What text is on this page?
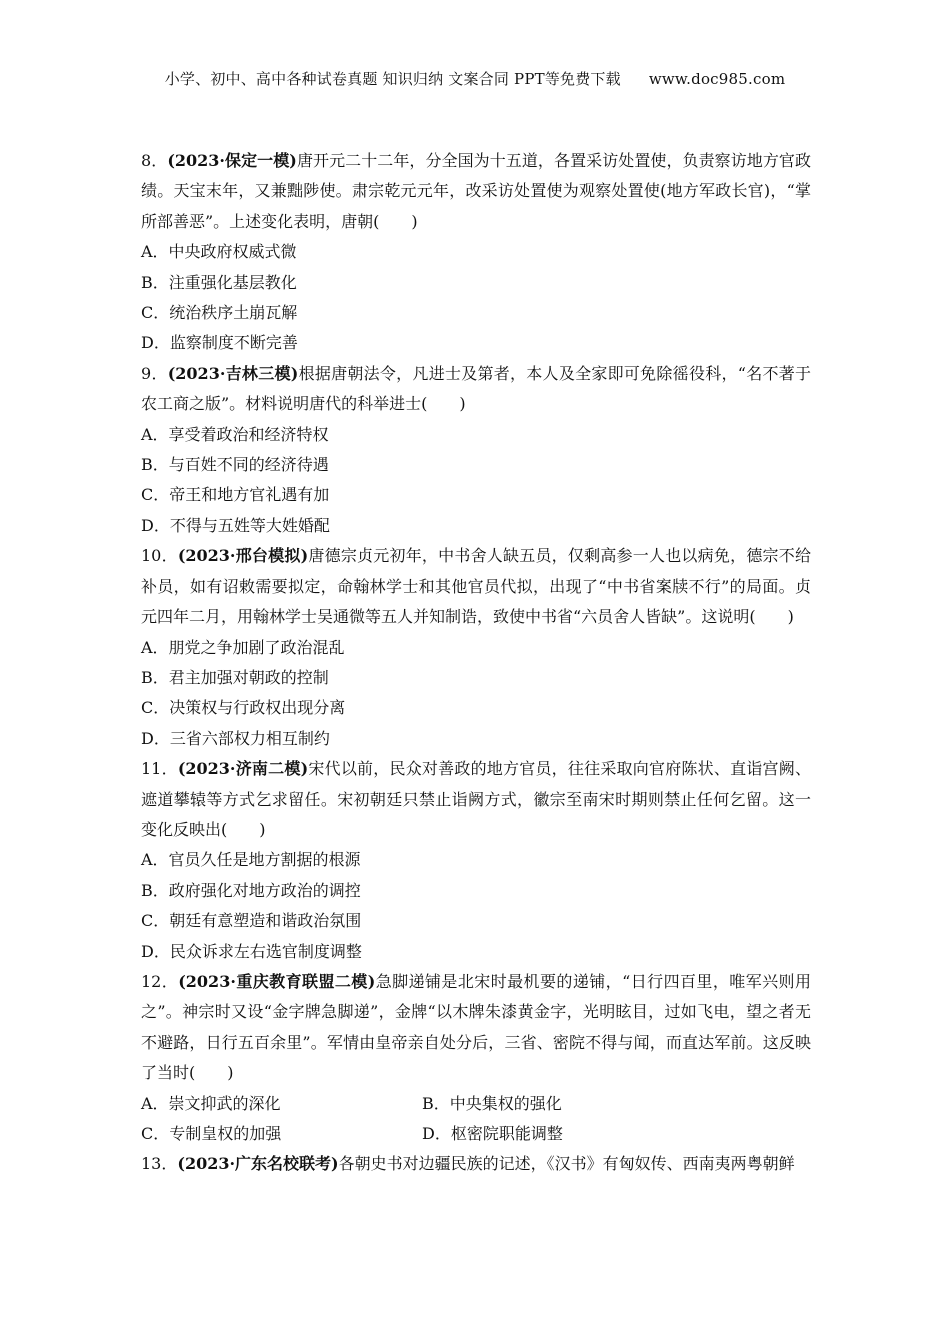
小学、初中、高中各种试卷真题 知识归纳 文案合同 PPT等免费下载 www.doc985.com
8．(2023·保定一模)唐开元二十二年，分全国为十五道，各置采访处置使，负责察访地方官政绩。天宝末年，又兼黜陟使。肃宗乾元元年，改采访处置使为观察处置使(地方军政长官)，“掌所部善恶”。上述变化表明，唐朝(　　)
A．中央政府权威式微
B．注重强化基层教化
C．统治秩序土崩瓦解
D．监察制度不断完善
9．(2023·吉林三模)根据唐朝法令，凡进士及第者，本人及全家即可免除徭役科，“名不著于农工商之版”。材料说明唐代的科举进士(　　)
A．享受着政治和经济特权
B．与百姓不同的经济待遇
C．帝王和地方官礼遇有加
D．不得与五姓等大姓婚配
10．(2023·邢台模拟)唐德宗贞元初年，中书舍人缺五员，仅剩高参一人也以病免，德宗不给补员，如有诏敕需要拟定，命翰林学士和其他官员代拟，出现了“中书省案牍不行”的局面。贞元四年二月，用翰林学士吴通微等五人并知制诰，致使中书省“六员舍人皆缺”。这说明(　　)
A．朋党之争加剧了政治混乱
B．君主加强对朝政的控制
C．决策权与行政权出现分离
D．三省六部权力相互制约
11．(2023·济南二模)宋代以前，民众对善政的地方官员，往往采取向官府陈状、直诣宫阙、遮道攀辕等方式乞求留任。宋初朝廷只禁止诣阙方式，徽宗至南宋时期则禁止任何乞留。这一变化反映出(　　)
A．官员久任是地方割据的根源
B．政府强化对地方政治的调控
C．朝廷有意塑造和谐政治氛围
D．民众诉求左右选官制度调整
12．(2023·重庆教育联盟二模)急脚递铺是北宋时最机要的递铺，“日行四百里，唯军兴则用之”。神宗时又设“金字牌急脚递”，金牌“以木牌朱漆黄金字，光明眩目，过如飞电，望之者无不避路，日行五百余里”。军情由皇帝亲自处分后，三省、密院不得与闻，而直达军前。这反映了当时(　　)
A．崇文抑武的深化	B．中央集权的强化
C．专制皇权的加强	D．枢密院职能调整
13．(2023·广东名校联考)各朝史书对边疆民族的记述，《汉书》有匈奴传、西南夷两粤朝鲜
